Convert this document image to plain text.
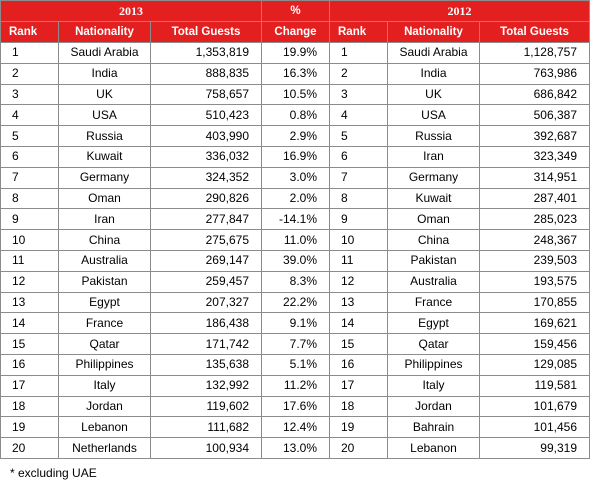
2013			%	2012		
Rank	Nationality	Total Guests	Change	Rank	Nationality	Total Guests
1	Saudi Arabia	1,353,819	19.9%	1	Saudi Arabia	1,128,757
2	India	888,835	16.3%	2	India	763,986
3	UK	758,657	10.5%	3	UK	686,842
4	USA	510,423	0.8%	4	USA	506,387
5	Russia	403,990	2.9%	5	Russia	392,687
6	Kuwait	336,032	16.9%	6	Iran	323,349
7	Germany	324,352	3.0%	7	Germany	314,951
8	Oman	290,826	2.0%	8	Kuwait	287,401
9	Iran	277,847	-14.1%	9	Oman	285,023
10	China	275,675	11.0%	10	China	248,367
11	Australia	269,147	39.0%	11	Pakistan	239,503
12	Pakistan	259,457	8.3%	12	Australia	193,575
13	Egypt	207,327	22.2%	13	France	170,855
14	France	186,438	9.1%	14	Egypt	169,621
15	Qatar	171,742	7.7%	15	Qatar	159,456
16	Philippines	135,638	5.1%	16	Philippines	129,085
17	Italy	132,992	11.2%	17	Italy	119,581
18	Jordan	119,602	17.6%	18	Jordan	101,679
19	Lebanon	111,682	12.4%	19	Bahrain	101,456
20	Netherlands	100,934	13.0%	20	Lebanon	99,319
* excluding UAE
